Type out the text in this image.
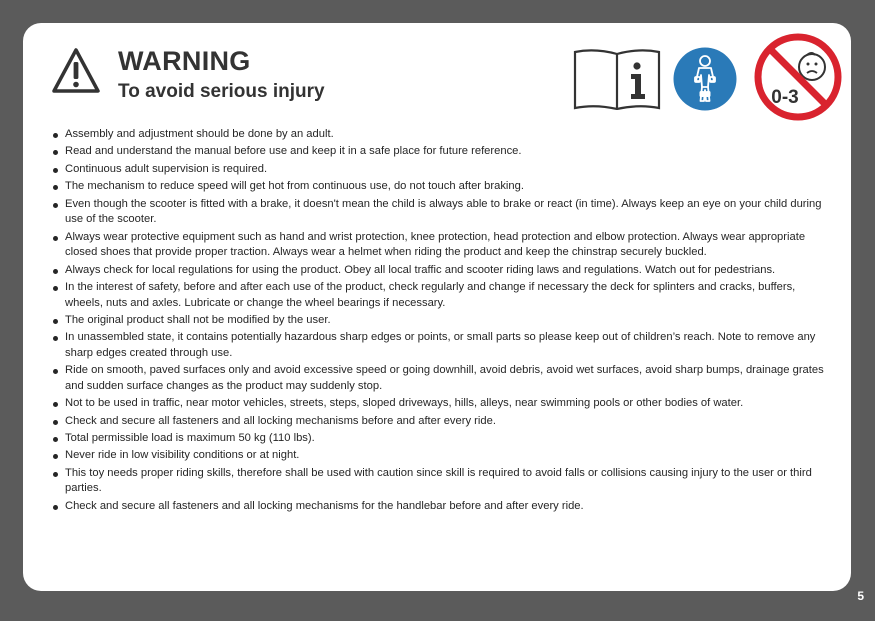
WARNING
To avoid serious injury	0-3
Assembly and adjustment should be done by an adult.
Read and understand the manual before use and keep it in a safe place for future reference.
Continuous adult supervision is required.
The mechanism to reduce speed will get hot from continuous use, do not touch after braking.
Even though the scooter is fitted with a brake, it doesn't mean the child is always able to brake or react (in time). Always keep an eye on your child during use of the scooter.
Always wear protective equipment such as hand and wrist protection, knee protection, head protection and elbow protection. Always wear appropriate closed shoes that provide proper traction. Always wear a helmet when riding the product and keep the chinstrap securely buckled.
Always check for local regulations for using the product. Obey all local traffic and scooter riding laws and regulations. Watch out for pedestrians.
In the interest of safety, before and after each use of the product, check regularly and change if necessary the deck for splinters and cracks, buffers, wheels, nuts and axles. Lubricate or change the wheel bearings if necessary.
The original product shall not be modified by the user.
In unassembled state, it contains potentially hazardous sharp edges or points, or small parts so please keep out of children’s reach. Note to remove any sharp edges created through use.
Ride on smooth, paved surfaces only and avoid excessive speed or going downhill, avoid debris, avoid wet surfaces, avoid sharp bumps, drainage grates and sudden surface changes as the product may suddenly stop.
Not to be used in traffic, near motor vehicles, streets, steps, sloped driveways, hills, alleys, near swimming pools or other bodies of water.
Check and secure all fasteners and all locking mechanisms before and after every ride.
Total permissible load is maximum 50 kg (110 lbs).
Never ride in low visibility conditions or at night.
This toy needs proper riding skills, therefore shall be used with caution since skill is required to avoid falls or collisions causing injury to the user or third parties.
Check and secure all fasteners and all locking mechanisms for the handlebar before and after every ride.
5
